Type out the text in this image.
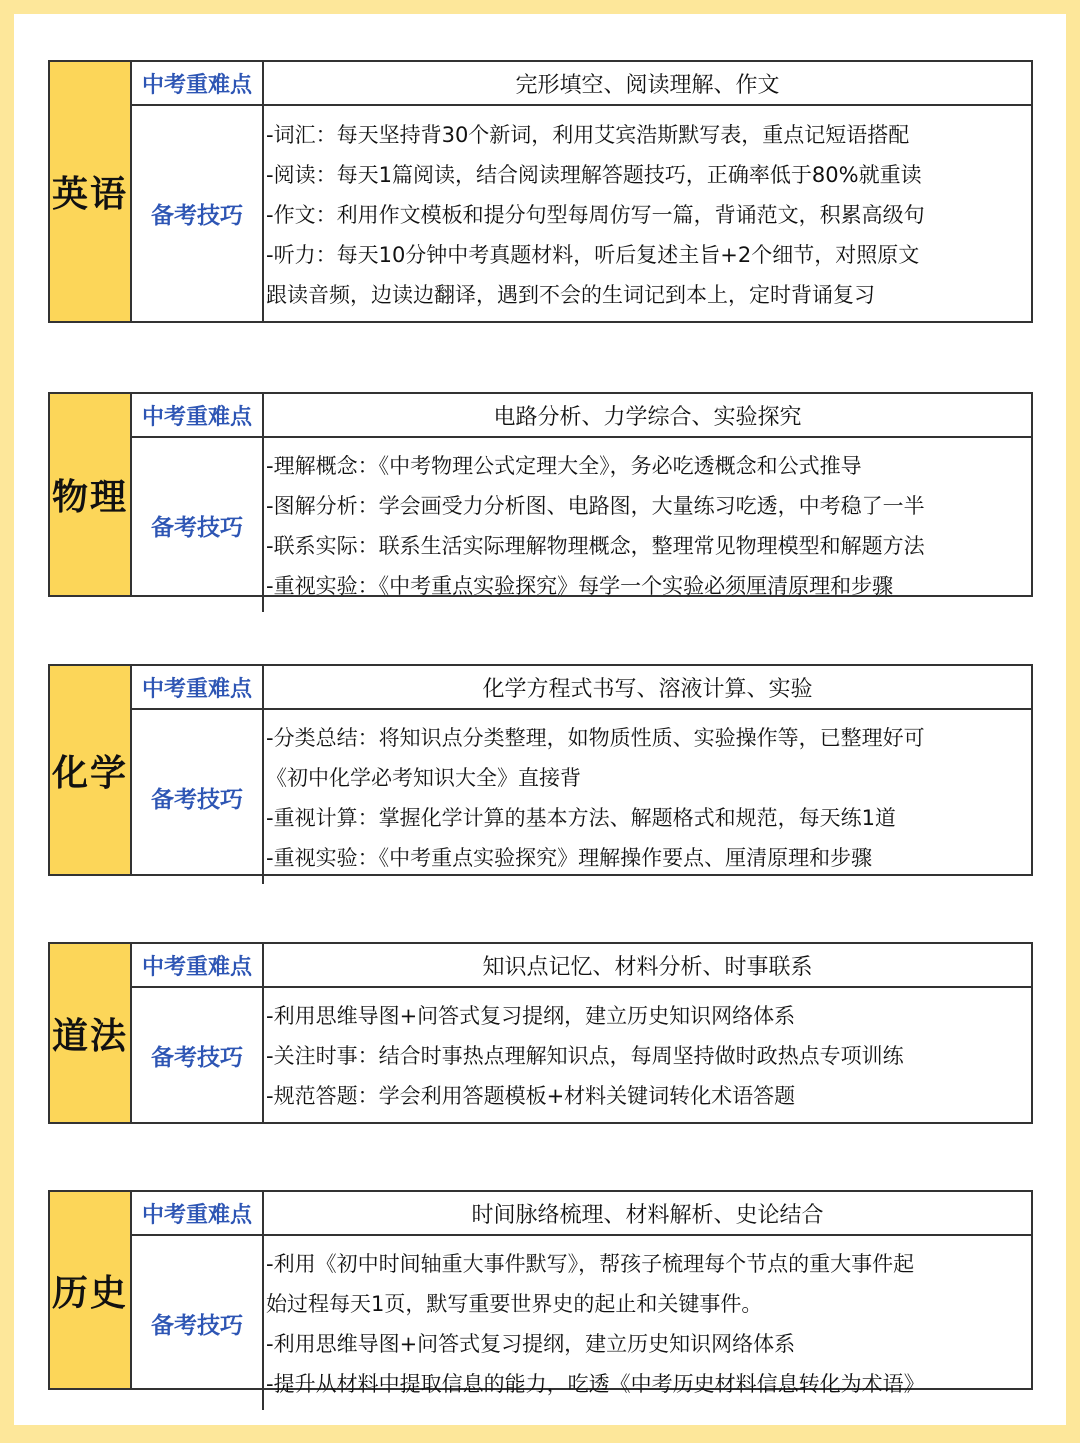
英语
中考重难点	完形填空、阅读理解、作文
备考技巧
-词汇：每天坚持背30个新词，利用艾宾浩斯默写表，重点记短语搭配
-阅读：每天1篇阅读，结合阅读理解答题技巧，正确率低于80%就重读
-作文：利用作文模板和提分句型每周仿写一篇，背诵范文，积累高级句
-听力：每天10分钟中考真题材料，听后复述主旨+2个细节，对照原文
跟读音频，边读边翻译，遇到不会的生词记到本上，定时背诵复习
物理
中考重难点	电路分析、力学综合、实验探究
备考技巧
-理解概念：《中考物理公式定理大全》，务必吃透概念和公式推导
-图解分析：学会画受力分析图、电路图，大量练习吃透，中考稳了一半
-联系实际：联系生活实际理解物理概念，整理常见物理模型和解题方法
-重视实验：《中考重点实验探究》每学一个实验必须厘清原理和步骤
化学
中考重难点	化学方程式书写、溶液计算、实验
备考技巧
-分类总结：将知识点分类整理，如物质性质、实验操作等，已整理好可
《初中化学必考知识大全》直接背
-重视计算：掌握化学计算的基本方法、解题格式和规范，每天练1道
-重视实验：《中考重点实验探究》理解操作要点、厘清原理和步骤
道法
中考重难点	知识点记忆、材料分析、时事联系
备考技巧
-利用思维导图+问答式复习提纲，建立历史知识网络体系
-关注时事：结合时事热点理解知识点，每周坚持做时政热点专项训练
-规范答题：学会利用答题模板+材料关键词转化术语答题
历史
中考重难点	时间脉络梳理、材料解析、史论结合
备考技巧
-利用《初中时间轴重大事件默写》，帮孩子梳理每个节点的重大事件起
始过程每天1页，默写重要世界史的起止和关键事件。
-利用思维导图+问答式复习提纲，建立历史知识网络体系
-提升从材料中提取信息的能力，吃透《中考历史材料信息转化为术语》
